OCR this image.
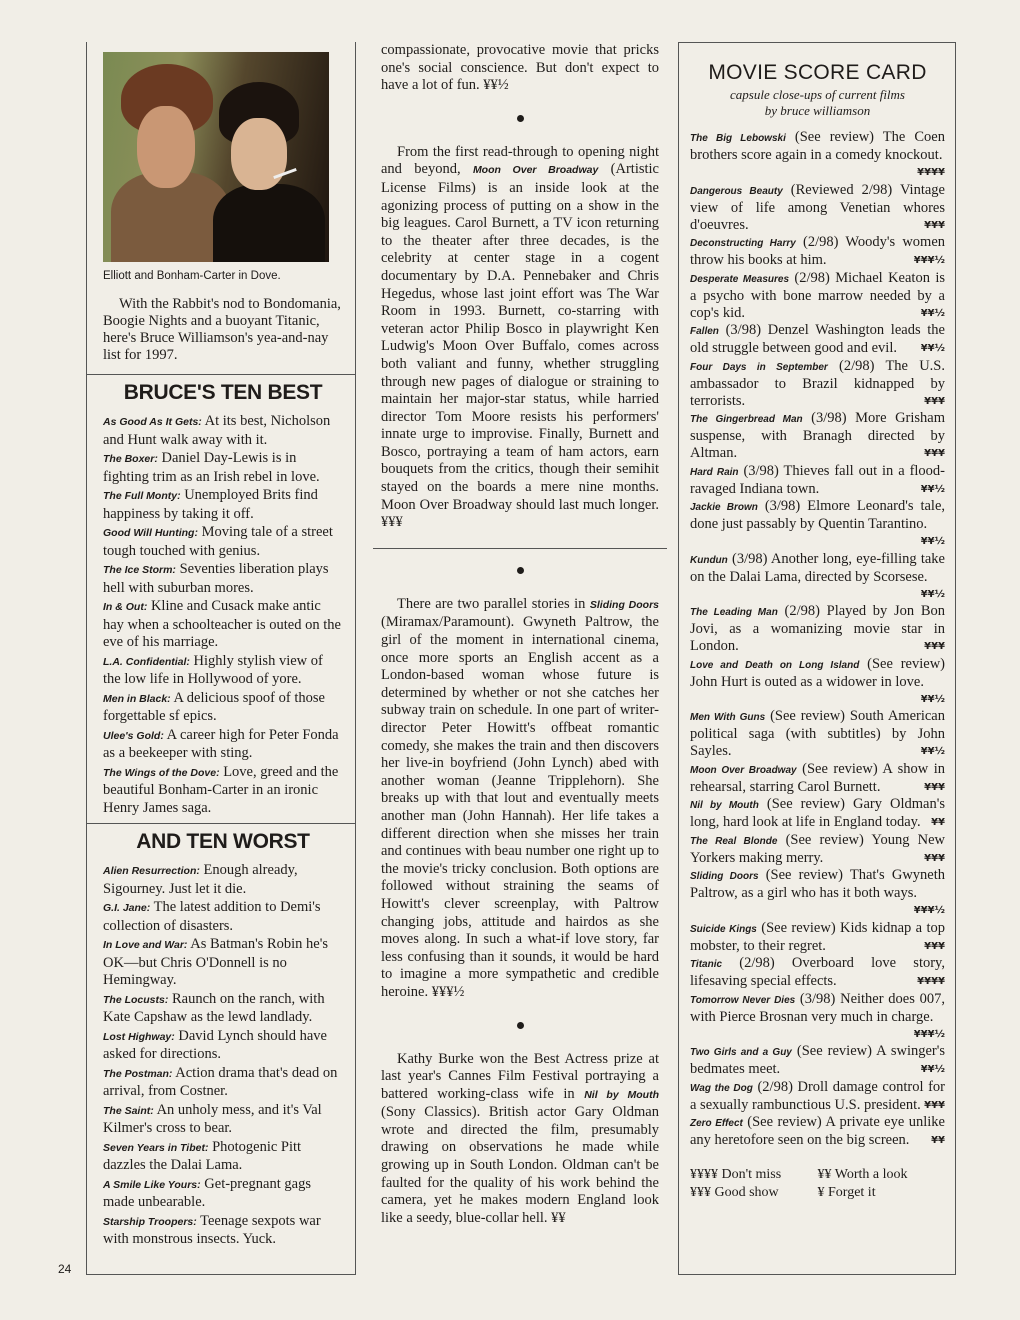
24
Elliott and Bonham-Carter in Dove.

With the Rabbit's nod to Bondomania, Boogie Nights and a buoyant Titanic, here's Bruce Williamson's yea-and-nay list for 1997.

BRUCE'S TEN BEST
As Good As It Gets: At its best, Nicholson and Hunt walk away with it.
The Boxer: Daniel Day-Lewis is in fighting trim as an Irish rebel in love.
The Full Monty: Unemployed Brits find happiness by taking it off.
Good Will Hunting: Moving tale of a street tough touched with genius.
The Ice Storm: Seventies liberation plays hell with suburban mores.
In & Out: Kline and Cusack make antic hay when a schoolteacher is outed on the eve of his marriage.
L.A. Confidential: Highly stylish view of the low life in Hollywood of yore.
Men in Black: A delicious spoof of those forgettable sf epics.
Ulee's Gold: A career high for Peter Fonda as a beekeeper with sting.
The Wings of the Dove: Love, greed and the beautiful Bonham-Carter in an ironic Henry James saga.
AND TEN WORST
Alien Resurrection: Enough already, Sigourney. Just let it die.
G.I. Jane: The latest addition to Demi's collection of disasters.
In Love and War: As Batman's Robin he's OK—but Chris O'Donnell is no Hemingway.
The Locusts: Raunch on the ranch, with Kate Capshaw as the lewd landlady.
Lost Highway: David Lynch should have asked for directions.
The Postman: Action drama that's dead on arrival, from Costner.
The Saint: An unholy mess, and it's Val Kilmer's cross to bear.
Seven Years in Tibet: Photogenic Pitt dazzles the Dalai Lama.
A Smile Like Yours: Get-pregnant gags made unbearable.
Starship Troopers: Teenage sexpots war with monstrous insects. Yuck.

compassionate, provocative movie that pricks one's social conscience. But don't expect to have a lot of fun. ¥¥½

From the first read-through to opening night and beyond, Moon Over Broadway (Artistic License Films) is an inside look at the agonizing process of putting on a show in the big leagues. Carol Burnett, a TV icon returning to the theater after three decades, is the celebrity at center stage in a cogent documentary by D.A. Pennebaker and Chris Hegedus, whose last joint effort was The War Room in 1993. Burnett, co-starring with veteran actor Philip Bosco in playwright Ken Ludwig's Moon Over Buffalo, comes across both valiant and funny, whether struggling through new pages of dialogue or straining to maintain her major-star status, while harried director Tom Moore resists his performers' innate urge to improvise. Finally, Burnett and Bosco, portraying a team of ham actors, earn bouquets from the critics, though their semihit stayed on the boards a mere nine months. Moon Over Broadway should last much longer. ¥¥¥

There are two parallel stories in Sliding Doors (Miramax/Paramount). Gwyneth Paltrow, the girl of the moment in international cinema, once more sports an English accent as a London-based woman whose future is determined by whether or not she catches her subway train on schedule. In one part of writer-director Peter Howitt's offbeat romantic comedy, she makes the train and then discovers her live-in boyfriend (John Lynch) abed with another woman (Jeanne Tripplehorn). She breaks up with that lout and eventually meets another man (John Hannah). Her life takes a different direction when she misses her train and continues with beau number one right up to the movie's tricky conclusion. Both options are followed without straining the seams of Howitt's clever screenplay, with Paltrow changing jobs, attitude and hairdos as she moves along. In such a what-if love story, far less confusing than it sounds, it would be hard to imagine a more sympathetic and credible heroine. ¥¥¥½

Kathy Burke won the Best Actress prize at last year's Cannes Film Festival portraying a battered working-class wife in Nil by Mouth (Sony Classics). British actor Gary Oldman wrote and directed the film, presumably drawing on observations he made while growing up in South London. Oldman can't be faulted for the quality of his work behind the camera, yet he makes modern England look like a seedy, blue-collar hell. ¥¥

MOVIE SCORE CARD
capsule close-ups of current films
by bruce williamson
The Big Lebowski (See review) The Coen brothers score again in a comedy knockout.
¥¥¥¥
Dangerous Beauty (Reviewed 2/98) Vintage view of life among Venetian whores d'oeuvres.	¥¥¥
Deconstructing Harry (2/98) Woody's women throw his books at him.	¥¥¥½
Desperate Measures (2/98) Michael Keaton is a psycho with bone marrow needed by a cop's kid.	¥¥½
Fallen (3/98) Denzel Washington leads the old struggle between good and evil. ¥¥½
Four Days in September (2/98) The U.S. ambassador to Brazil kidnapped by terrorists.	¥¥¥
The Gingerbread Man (3/98) More Grisham suspense, with Branagh directed by Altman.	¥¥¥
Hard Rain (3/98) Thieves fall out in a flood-ravaged Indiana town.	¥¥½
Jackie Brown (3/98) Elmore Leonard's tale, done just passably by Quentin Tarantino.
¥¥½
Kundun (3/98) Another long, eye-filling take on the Dalai Lama, directed by Scorsese.
¥¥½
The Leading Man (2/98) Played by Jon Bon Jovi, as a womanizing movie star in London.	¥¥¥
Love and Death on Long Island (See review) John Hurt is outed as a widower in love.
¥¥½
Men With Guns (See review) South American political saga (with subtitles) by John Sayles.	¥¥½
Moon Over Broadway (See review) A show in rehearsal, starring Carol Burnett.	¥¥¥
Nil by Mouth (See review) Gary Oldman's long, hard look at life in England today. ¥¥
The Real Blonde (See review) Young New Yorkers making merry.	¥¥¥
Sliding Doors (See review) That's Gwyneth Paltrow, as a girl who has it both ways.
¥¥¥½
Suicide Kings (See review) Kids kidnap a top mobster, to their regret.	¥¥¥
Titanic (2/98) Overboard love story, lifesaving special effects.	¥¥¥¥
Tomorrow Never Dies (3/98) Neither does 007, with Pierce Brosnan very much in charge.
¥¥¥½
Two Girls and a Guy (See review) A swinger's bedmates meet.	¥¥½
Wag the Dog (2/98) Droll damage control for a sexually rambunctious U.S. president. ¥¥¥
Zero Effect (See review) A private eye unlike any heretofore seen on the big screen. ¥¥
¥¥¥¥ Don't miss	¥¥ Worth a look
¥¥¥ Good show	¥ Forget it
